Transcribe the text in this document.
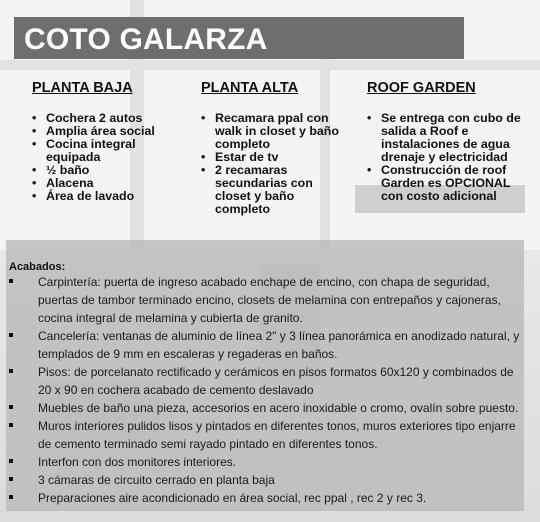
COTO GALARZA
PLANTA BAJA
• Cochera 2 autos
• Amplia área social
• Cocina integral equipada
• ½ baño
• Alacena
• Área de lavado
PLANTA ALTA
• Recamara ppal con walk in closet y baño completo
• Estar de tv
• 2 recamaras secundarias con closet y baño completo
ROOF GARDEN
• Se entrega con cubo de salida a Roof e instalaciones de agua drenaje y electricidad
• Construcción de roof Garden es OPCIONAL con costo adicional
Acabados:
Carpintería: puerta de ingreso acabado enchape de encino, con chapa de seguridad, puertas de tambor terminado encino, closets de melamina con entrepaños y cajoneras, cocina integral de melamina y cubierta de granito.
Cancelería: ventanas de aluminio de línea 2" y 3 línea panorámica en anodizado natural, y templados de 9 mm en escaleras y regaderas en baños.
Pisos: de porcelanato rectificado y cerámicos en pisos formatos 60x120 y combinados de 20 x 90 en cochera acabado de cemento deslavado
Muebles de baño una pieza, accesorios en acero inoxidable o cromo, ovalín sobre puesto.
Muros interiores pulidos lisos y pintados en diferentes tonos, muros exteriores tipo enjarre de cemento terminado semi rayado pintado en diferentes tonos.
Interfon con dos monitores interiores.
3 cámaras de circuito cerrado en planta baja
Preparaciones aire acondicionado en área social, rec ppal , rec 2 y rec 3.
